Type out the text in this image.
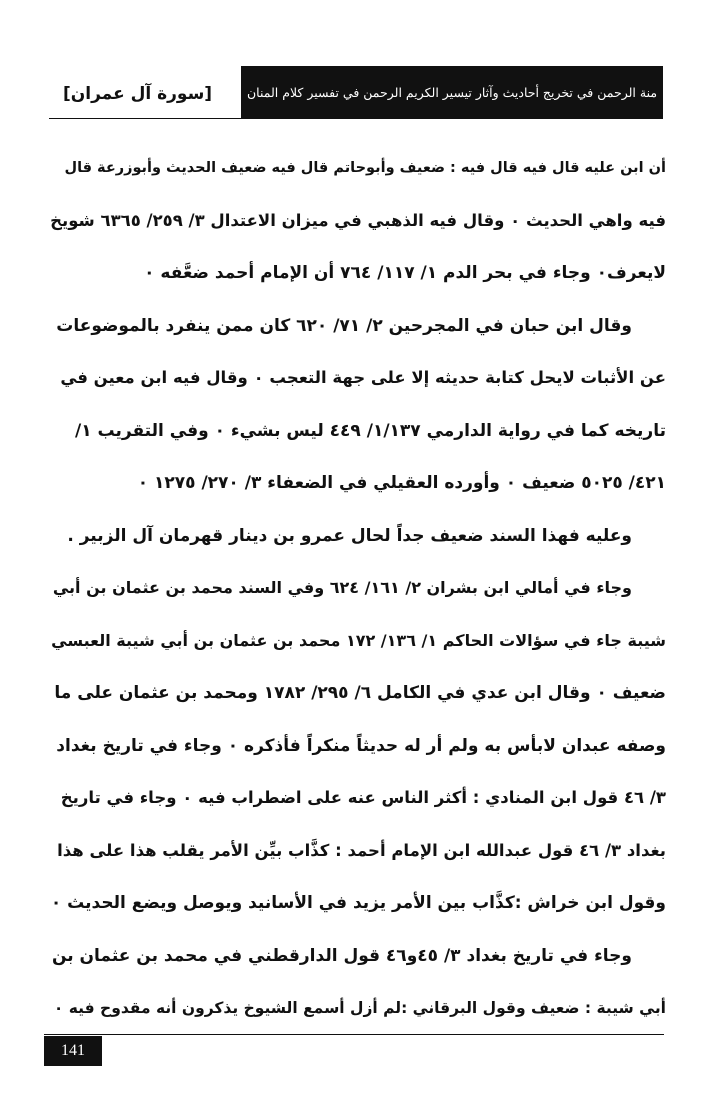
منة الرحمن في تخريج أحاديث وآثار تيسير الكريم الرحمن في تفسير كلام المنان
[سورة آل عمران]
أن ابن عليه قال فيه قال فيه : ضعيف وأبوحاتم قال فيه ضعيف الحديث وأبوزرعة قال
فيه واهي الحديث ٠ وقال فيه الذهبي في ميزان الاعتدال ٣/ ٢٥٩/ ٦٣٦٥ شويخ
لايعرف٠ وجاء في بحر الدم ١/ ١١٧/ ٧٦٤ أن الإمام أحمد ضعَّفه ٠
وقال ابن حبان في المجرحين ٢/ ٧١/ ٦٢٠ كان ممن ينفرد بالموضوعات
عن الأثبات لايحل كتابة حديثه إلا على جهة التعجب ٠ وقال فيه ابن معين في
تاريخه كما في رواية الدارمي ١/١٣٧/ ٤٤٩ ليس بشيء ٠ وفي التقريب ١/
٤٢١/ ٥٠٢٥ ضعيف ٠ وأورده العقيلي في الضعفاء ٣/ ٢٧٠/ ١٢٧٥ ٠
وعليه فهذا السند ضعيف جداً لحال عمرو بن دينار قهرمان آل الزبير .
وجاء في أمالي ابن بشران ٢/ ١٦١/ ٦٢٤ وفي السند محمد بن عثمان بن أبي
شيبة جاء في سؤالات الحاكم ١/ ١٣٦/ ١٧٢ محمد بن عثمان بن أبي شيبة العبسي
ضعيف ٠ وقال ابن عدي في الكامل ٦/ ٢٩٥/ ١٧٨٢ ومحمد بن عثمان على ما
وصفه عبدان لابأس به ولم أر له حديثاً منكراً فأذكره ٠ وجاء في تاريخ بغداد
٣/ ٤٦ قول ابن المنادي : أكثر الناس عنه على اضطراب فيه ٠ وجاء في تاريخ
بغداد ٣/ ٤٦ قول عبدالله ابن الإمام أحمد : كذَّاب بيِّن الأمر يقلب هذا على هذا
وقول ابن خراش :كذَّاب بين الأمر يزيد في الأسانيد ويوصل ويضع الحديث ٠
وجاء في تاريخ بغداد ٣/ ٤٥و٤٦ قول الدارقطني في محمد بن عثمان بن
أبي شيبة : ضعيف وقول البرقاني :لم أزل أسمع الشيوخ يذكرون أنه مقدوح فيه ٠
141
